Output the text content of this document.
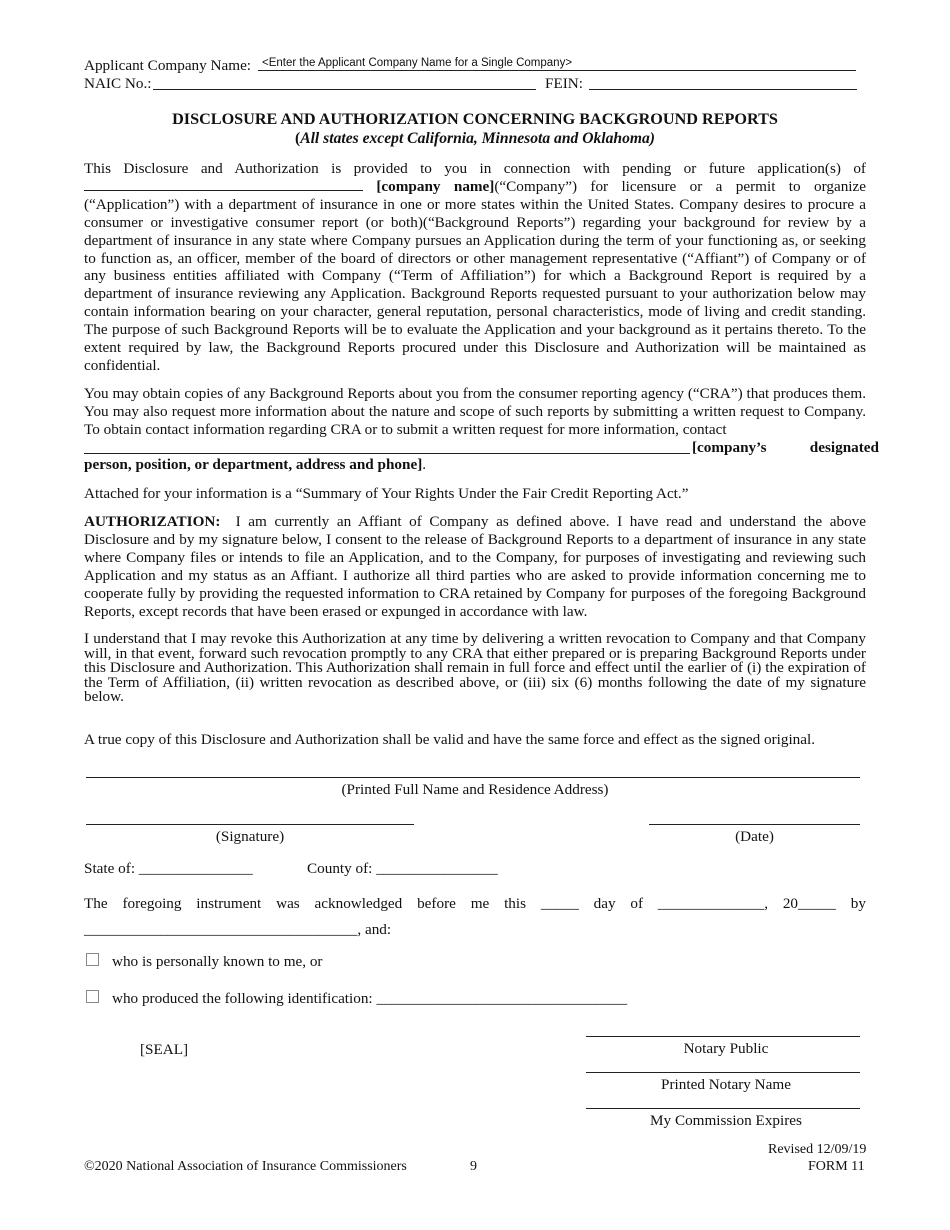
Applicant Company Name:
<Enter the Applicant Company Name for a Single Company>
NAIC No.:	FEIN:
DISCLOSURE AND AUTHORIZATION CONCERNING BACKGROUND REPORTS
(All states except California, Minnesota and Oklahoma)
This Disclosure and Authorization is provided to you in connection with pending or future application(s) of
[company name](“Company”) for licensure or a permit to organize
(“Application”) with a department of insurance in one or more states within the United States. Company desires to procure a consumer or investigative consumer report (or both)(“Background Reports”) regarding your background for review by a department of insurance in any state where Company pursues an Application during the term of your functioning as, or seeking to function as, an officer, member of the board of directors or other management representative (“Affiant”) of Company or of any business entities affiliated with Company (“Term of Affiliation”) for which a Background Report is required by a department of insurance reviewing any Application. Background Reports requested pursuant to your authorization below may contain information bearing on your character, general reputation, personal characteristics, mode of living and credit standing. The purpose of such Background Reports will be to evaluate the Application and your background as it pertains thereto. To the extent required by law, the Background Reports procured under this Disclosure and Authorization will be maintained as confidential.
You may obtain copies of any Background Reports about you from the consumer reporting agency (“CRA”) that produces them. You may also request more information about the nature and scope of such reports by submitting a written request to Company. To obtain contact information regarding CRA or to submit a written request for more information, contact
[company’s designated
person, position, or department, address and phone].
Attached for your information is a “Summary of Your Rights Under the Fair Credit Reporting Act.”
AUTHORIZATION: I am currently an Affiant of Company as defined above. I have read and understand the above Disclosure and by my signature below, I consent to the release of Background Reports to a department of insurance in any state where Company files or intends to file an Application, and to the Company, for purposes of investigating and reviewing such Application and my status as an Affiant. I authorize all third parties who are asked to provide information concerning me to cooperate fully by providing the requested information to CRA retained by Company for purposes of the foregoing Background Reports, except records that have been erased or expunged in accordance with law.
I understand that I may revoke this Authorization at any time by delivering a written revocation to Company and that Company will, in that event, forward such revocation promptly to any CRA that either prepared or is preparing Background Reports under this Disclosure and Authorization. This Authorization shall remain in full force and effect until the earlier of (i) the expiration of the Term of Affiliation, (ii) written revocation as described above, or (iii) six (6) months following the date of my signature below.
A true copy of this Disclosure and Authorization shall be valid and have the same force and effect as the signed original.
(Printed Full Name and Residence Address)
(Signature)	(Date)
State of: _______________	County of: ________________
The foregoing instrument was acknowledged before me this _____ day of ______________, 20_____ by
____________________________________, and:
who is personally known to me, or
who produced the following identification: _________________________________
[SEAL]	Notary Public
Printed Notary Name
My Commission Expires
Revised 12/09/19
©2020 National Association of Insurance Commissioners	9	FORM 11
